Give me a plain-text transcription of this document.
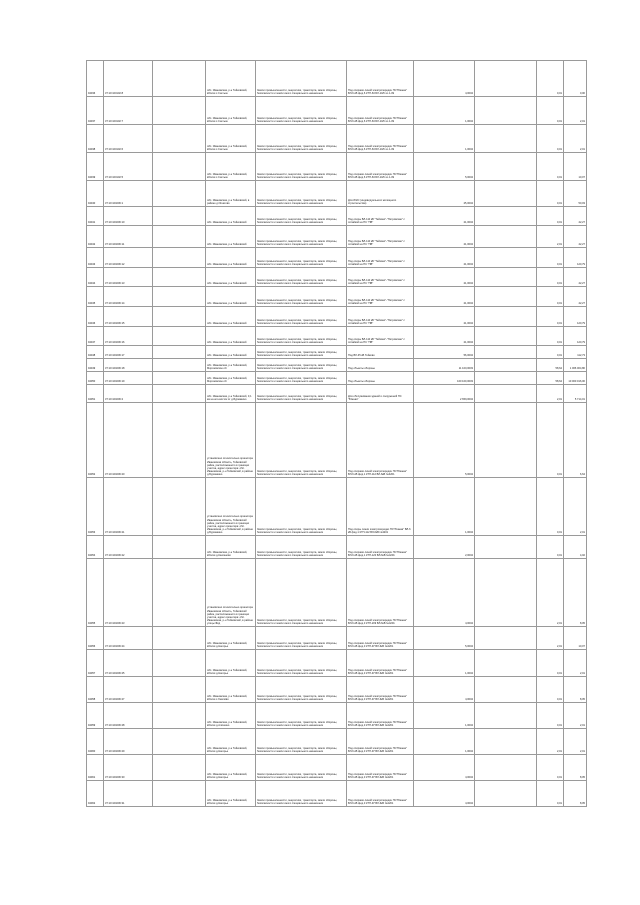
94036	37:10:100102:8		обл. Ивановская, р-н Тейковский, вблизи с.Сахтыш	Земли промышленности, энергетики, транспорта, земли обороны, безопасности и земли иного специального назначения	Под опорами линий электропередач ПС"Южная" ВЛ-6 кВ фид.6 КТП-63 БЛ-10/6 яч.1-09	4,0004		0,01	0,00
94037	37:10:100102:7		обл. Ивановская, р-н Тейковский, вблизи с.Сахтыш	Земли промышленности, энергетики, транспорта, земли обороны, безопасности и земли иного специального назначения	Под опорами линий электропередач ПС"Южная" ВЛ-6 кВ фид.6 КТП-63 БЛ-10/6 яч.1-09	1,0004		0,01	2,01
94038	37:10:100102:6		обл. Ивановская, р-н Тейковский, вблизи с.Сахтыш	Земли промышленности, энергетики, транспорта, земли обороны, безопасности и земли иного специального назначения	Под опорами линий электропередач ПС"Южная" ВЛ-6 кВ фид.6 КТП-63 БЛ-10/6 яч.1-09	1,0004		0,01	2,01
94039	37:10:100102:5		обл. Ивановская, р-н Тейковский, вблизи с.Сахтыш	Земли промышленности, энергетики, транспорта, земли обороны, безопасности и земли иного специального назначения	Под опорами линий электропередач ПС"Южная" ВЛ-6 кВ фид.6 КТП-63 БЛ-10/6 яч.1-09	5,0004		0,01	10,07
94040	37:10:100206:1		обл. Ивановская, р-н Тейковский, в районе д.Игнатово	Земли промышленности, энергетики, транспорта, земли обороны, безопасности и земли иного специального назначения	Для ИЖС (индивидуального жилищного строительства)	25,0004		0,01	50,03
94041	37:10:100206:10		обл. Ивановская, р-н Тейковский	Земли промышленности, энергетики, транспорта, земли обороны, безопасности и земли иного специального назначения	Под опоры ВЛ-110 кВ "Тейково"-"Петровская" с отпайкой на ПС "ПВ"	21,0004		0,01	42,27
94042	37:10:100206:11		обл. Ивановская, р-н Тейковский	Земли промышленности, энергетики, транспорта, земли обороны, безопасности и земли иного специального назначения	Под опоры ВЛ-110 кВ "Тейково"-"Петровская" с отпайкой на ПС "ПВ"	21,0004		2,01	42,27
94043	37:10:100206:12		обл. Ивановская, р-н Тейковский	Земли промышленности, энергетики, транспорта, земли обороны, безопасности и земли иного специального назначения	Под опоры ВЛ-110 кВ "Тейково"-"Петровская" с отпайкой на ПС "ПВ"	21,0004		0,01	120,79
94044	37:10:100206:13		обл. Ивановская, р-н Тейковский	Земли промышленности, энергетики, транспорта, земли обороны, безопасности и земли иного специального назначения	Под опоры ВЛ-110 кВ "Тейково"-"Петровская" с отпайкой на ПС "ПВ"	21,0004		0,01	42,27
94045	37:10:100206:14		обл. Ивановская, р-н Тейковский	Земли промышленности, энергетики, транспорта, земли обороны, безопасности и земли иного специального назначения	Под опоры ВЛ-110 кВ "Тейково"-"Петровская" с отпайкой на ПС "ПВ"	21,0004		0,01	42,27
94046	37:10:100206:15		обл. Ивановская, р-н Тейковский	Земли промышленности, энергетики, транспорта, земли обороны, безопасности и земли иного специального назначения	Под опоры ВЛ-110 кВ "Тейково"-"Петровская" с отпайкой на ПС "ПВ"	21,0004		0,01	120,79
94047	37:10:100206:16		обл. Ивановская, р-н Тейковский	Земли промышленности, энергетики, транспорта, земли обороны, безопасности и земли иного специального назначения	Под опоры ВЛ-110 кВ "Тейково"-"Петровская" с отпайкой на ПС "ПВ"	21,0004		0,01	120,79
94048	37:10:100206:17		обл. Ивановская, р-н Тейковский	Земли промышленности, энергетики, транспорта, земли обороны, безопасности и земли иного специального назначения	Под ВЛ-35 кВ Тейково	56,0004		0,01	112,73
94049	37:10:100206:18		обл. Ивановская, р-н Тейковский, Морозовское с/п	Земли промышленности, энергетики, транспорта, земли обороны, безопасности и земли иного специального назначения	Под объекты обороны	11 100,0003		58,64	1 066 004,80
94050	37:10:100206:19		обл. Ивановская, р-н Тейковский, Морозовское с/п	Земли промышленности, энергетики, транспорта, земли обороны, безопасности и земли иного специального назначения	Под объекты обороны	100 100,0003		58,64	10 000 016,00
94051	37:10:100206:2		обл. Ивановская, р-н Тейковский, 0,1 км на юго-восток от д.Бурмакино	Земли промышленности, энергетики, транспорта, земли обороны, безопасности и земли иного специального назначения	Для обслуживания зданий и сооружений ПС "Южная"	2 659,0004		2,01	5 714,01
94052	37:10:100206:20		установлено относительно ориентира Ивановская область, Тейковский район, расположенного в границах участка, адрес ориентира: обл. Ивановская, р-н Тейковский, в районе д.Бурмакино	Земли промышленности, энергетики, транспорта, земли обороны, безопасности и земли иного специального назначения	Под опорами линий электропередач ПС"Южная" ВЛ-6 кВ фид.1 КТП-112 ВЛ-6кВ №4201	5,0004		0,01	6,64
94053	37:10:100206:21		установлено относительно ориентира Ивановская область, Тейковский район, расположенного в границах участка, адрес ориентира: обл. Ивановская, р-н Тейковский, в районе д.Бурмакино	Земли промышленности, энергетики, транспорта, земли обороны, безопасности и земли иного специального назначения	Под опоры линии электропередач ПС"Южная" ВЛ-6 кВ фид.1 КТП-112 ВЛ-6кВ №4201	1,0004		0,01	2,01
94054	37:10:100206:22		обл. Ивановская, р-н Тейковский, вблизи д.Кексаново	Земли промышленности, энергетики, транспорта, земли обороны, безопасности и земли иного специального назначения	Под опорами линий электропередач ПС"Южная" ВЛ-6 кВ фид.1 КТП-120 ВЛ-6кВ №4201	2,0004		0,01	4,02
94055	37:10:100206:23		установлено относительно ориентира Ивановская область, Тейковский район, расположенного в границах участка, адрес ориентира: обл. Ивановская, р-н Тейковский, в районе улицы Фёд	Земли промышленности, энергетики, транспорта, земли обороны, безопасности и земли иного специального назначения	Под опорами линий электропередач ПС"Южная" ВЛ-6 кВ фид.3 КТП-209 ВЛ-6кВ №4201	4,0004		2,01	8,05
94056	37:10:100206:24		обл. Ивановская, р-н Тейковский, вблизи д.Нагорье	Земли промышленности, энергетики, транспорта, земли обороны, безопасности и земли иного специального назначения	Под опорами линий электропередач ПС"Южная" ВЛ-6 кВ фид.3 КТП-97 ВЛ-6кВ №4201	5,0004		2,01	10,07
94057	37:10:100206:25		обл. Ивановская, р-н Тейковский, вблизи д.Нагорье	Земли промышленности, энергетики, транспорта, земли обороны, безопасности и земли иного специального назначения	Под опорами линий электропередач ПС"Южная" ВЛ-6 кВ фид.3 КТП-97 ВЛ-6кВ №4201	1,0004		0,01	2,01
94058	37:10:100206:27		обл. Ивановская, р-н Тейковский, вблизи с.Хмелёво	Земли промышленности, энергетики, транспорта, земли обороны, безопасности и земли иного специального назначения	Под опорами линий электропередач ПС"Южная" ВЛ-6 кВ фид.3 КТП-97 ВЛ-6кВ №4201	4,0004		0,01	8,05
94059	37:10:100206:28		обл. Ивановская, р-н Тейковский, вблизи д.Алёшино	Земли промышленности, энергетики, транспорта, земли обороны, безопасности и земли иного специального назначения	Под опорами линий электропередач ПС"Южная" ВЛ-6 кВ фид.3 КТП-97 ВЛ-6кВ №4201	1,0004		0,01	2,01
94060	37:10:100206:29		обл. Ивановская, р-н Тейковский, вблизи д.Нагорье	Земли промышленности, энергетики, транспорта, земли обороны, безопасности и земли иного специального назначения	Под опорами линий электропередач ПС"Южная" ВЛ-6 кВ фид.3 КТП-97 ВЛ-6кВ №4201	1,0004		2,01	2,01
94061	37:10:100206:30		обл. Ивановская, р-н Тейковский, вблизи д.Нагорье	Земли промышленности, энергетики, транспорта, земли обороны, безопасности и земли иного специального назначения	Под опорами линий электропередач ПС"Южная" ВЛ-6 кВ фид.3 КТП-97 ВЛ-6кВ №4201	4,0004		0,01	8,05
94062	37:10:100206:31		обл. Ивановская, р-н Тейковский, вблизи д.Нагорье	Земли промышленности, энергетики, транспорта, земли обороны, безопасности и земли иного специального назначения	Под опорами линий электропередач ПС"Южная" ВЛ-6 кВ фид.3 КТП-97 ВЛ-6кВ №4201	4,0004		0,01	8,05
